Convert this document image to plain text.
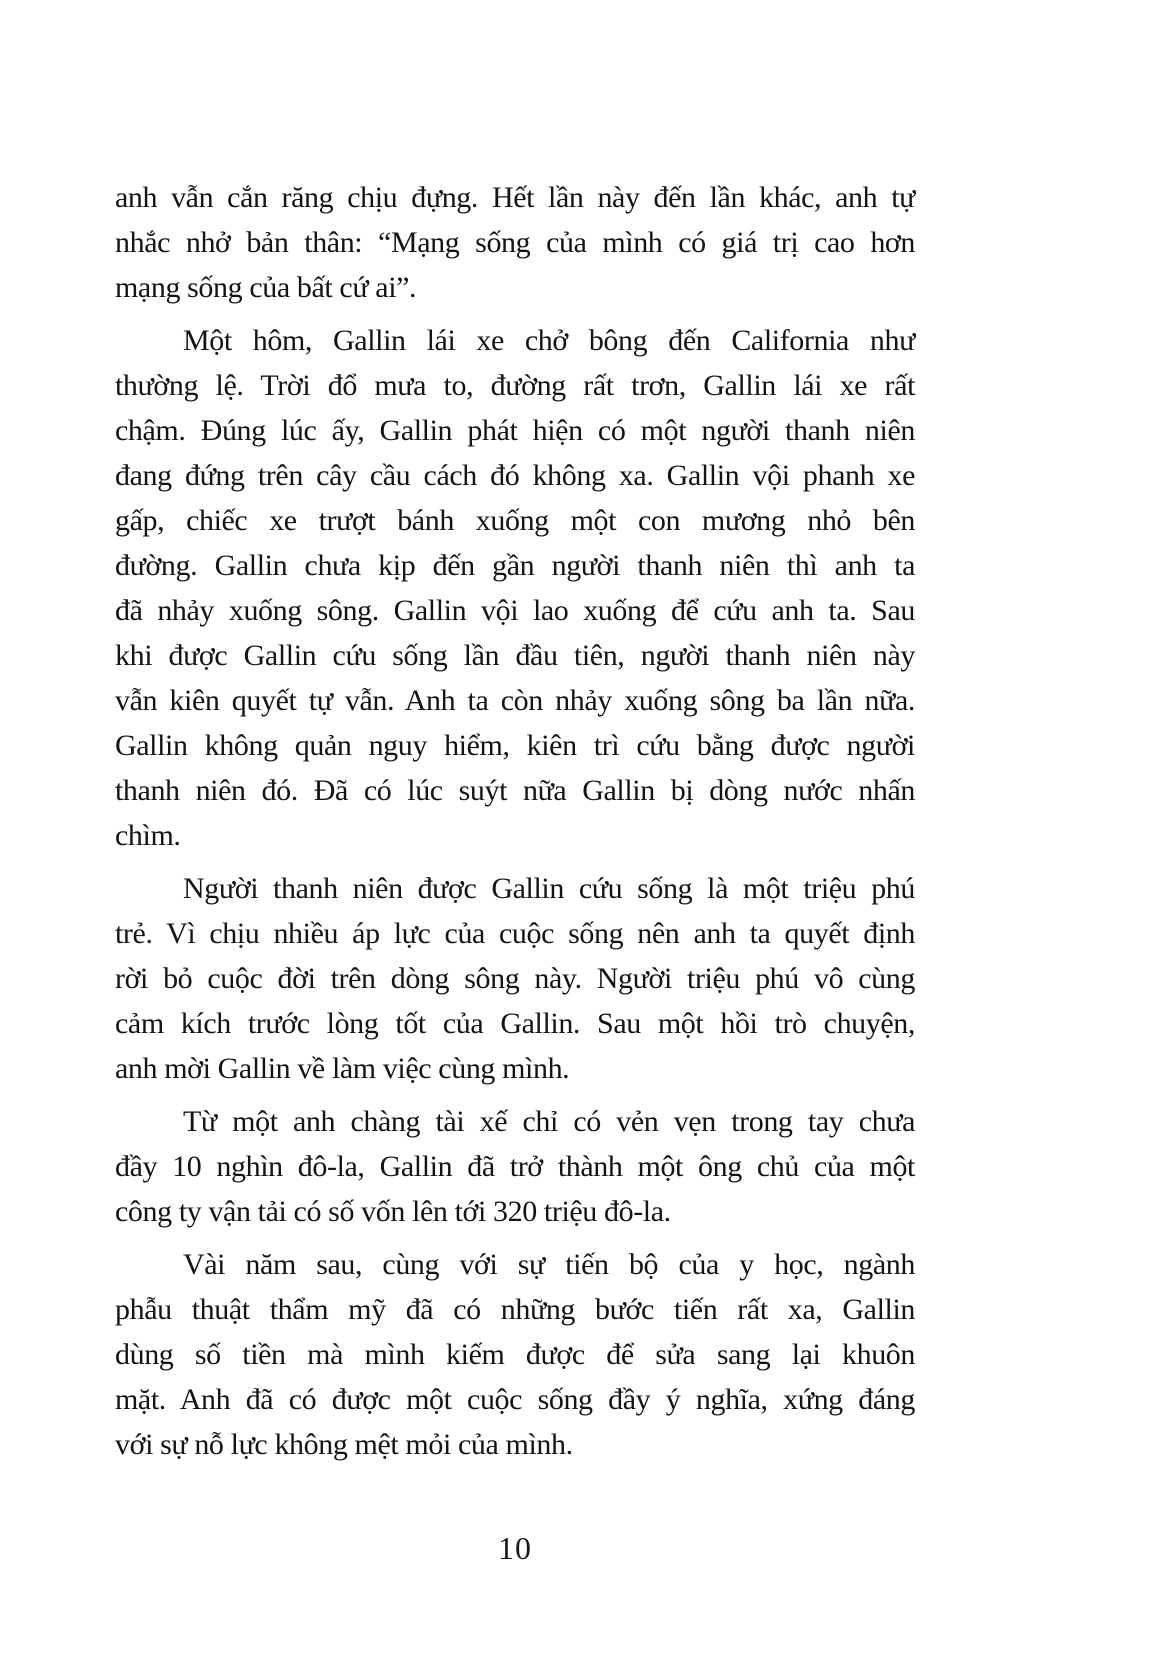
anh vẫn cắn răng chịu đựng. Hết lần này đến lần khác, anh tự
nhắc nhở bản thân: “Mạng sống của mình có giá trị cao hơn
mạng sống của bất cứ ai”.

Một hôm, Gallin lái xe chở bông đến California như
thường lệ. Trời đổ mưa to, đường rất trơn, Gallin lái xe rất
chậm. Đúng lúc ấy, Gallin phát hiện có một người thanh niên
đang đứng trên cây cầu cách đó không xa. Gallin vội phanh xe
gấp, chiếc xe trượt bánh xuống một con mương nhỏ bên
đường. Gallin chưa kịp đến gần người thanh niên thì anh ta
đã nhảy xuống sông. Gallin vội lao xuống để cứu anh ta. Sau
khi được Gallin cứu sống lần đầu tiên, người thanh niên này
vẫn kiên quyết tự vẫn. Anh ta còn nhảy xuống sông ba lần nữa.
Gallin không quản nguy hiểm, kiên trì cứu bằng được người
thanh niên đó. Đã có lúc suýt nữa Gallin bị dòng nước nhấn
chìm.

Người thanh niên được Gallin cứu sống là một triệu phú
trẻ. Vì chịu nhiều áp lực của cuộc sống nên anh ta quyết định
rời bỏ cuộc đời trên dòng sông này. Người triệu phú vô cùng
cảm kích trước lòng tốt của Gallin. Sau một hồi trò chuyện,
anh mời Gallin về làm việc cùng mình.

Từ một anh chàng tài xế chỉ có vẻn vẹn trong tay chưa
đầy 10 nghìn đô-la, Gallin đã trở thành một ông chủ của một
công ty vận tải có số vốn lên tới 320 triệu đô-la.

Vài năm sau, cùng với sự tiến bộ của y học, ngành
phẫu thuật thẩm mỹ đã có những bước tiến rất xa, Gallin
dùng số tiền mà mình kiếm được để sửa sang lại khuôn
mặt. Anh đã có được một cuộc sống đầy ý nghĩa, xứng đáng
với sự nỗ lực không mệt mỏi của mình.

10
